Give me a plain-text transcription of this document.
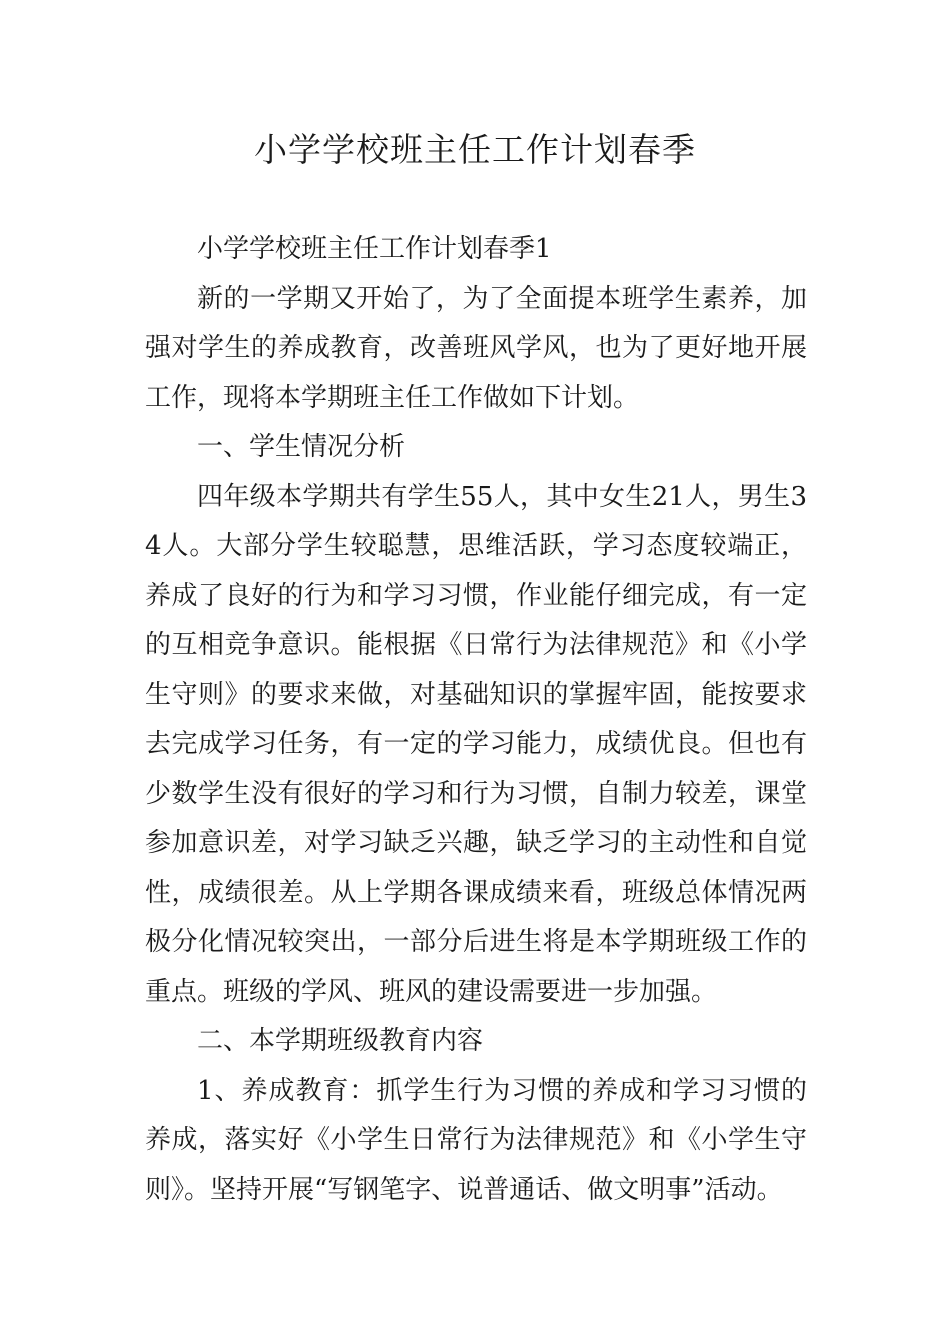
小学学校班主任工作计划春季

小学学校班主任工作计划春季1

新的一学期又开始了，为了全面提本班学生素养，加强对学生的养成教育，改善班风学风，也为了更好地开展工作，现将本学期班主任工作做如下计划。

一、学生情况分析

四年级本学期共有学生55人，其中女生21人，男生34人。大部分学生较聪慧，思维活跃，学习态度较端正，养成了良好的行为和学习习惯，作业能仔细完成，有一定的互相竞争意识。能根据《日常行为法律规范》和《小学生守则》的要求来做，对基础知识的掌握牢固，能按要求去完成学习任务，有一定的学习能力，成绩优良。但也有少数学生没有很好的学习和行为习惯，自制力较差，课堂参加意识差，对学习缺乏兴趣，缺乏学习的主动性和自觉性，成绩很差。从上学期各课成绩来看，班级总体情况两极分化情况较突出，一部分后进生将是本学期班级工作的重点。班级的学风、班风的建设需要进一步加强。

二、本学期班级教育内容

1、养成教育：抓学生行为习惯的养成和学习习惯的养成，落实好《小学生日常行为法律规范》和《小学生守则》。坚持开展“写钢笔字、说普通话、做文明事”活动。
